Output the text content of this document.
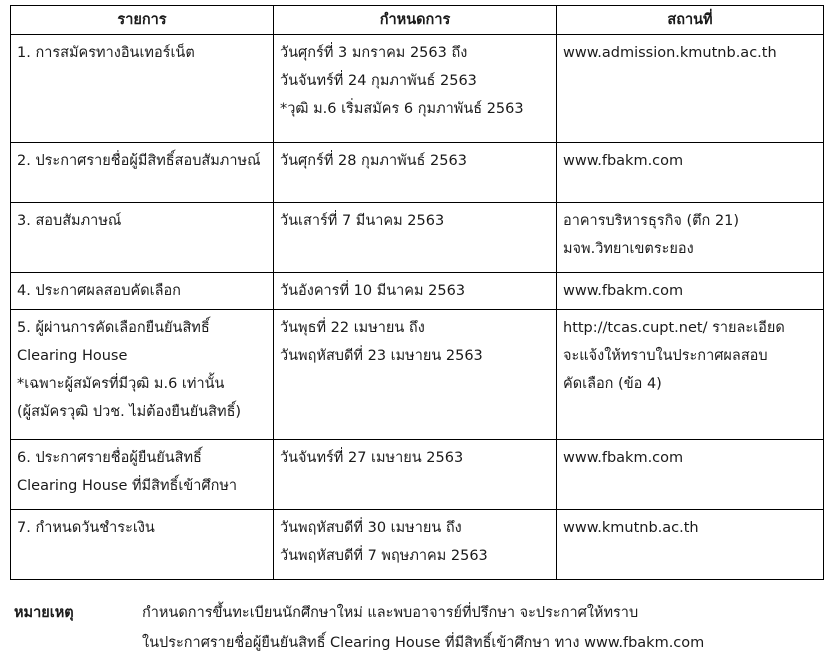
รายการ	กำหนดการ	สถานที่

1. การสมัครทางอินเทอร์เน็ต	วันศุกร์ที่ 3 มกราคม 2563 ถึง
วันจันทร์ที่ 24 กุมภาพันธ์ 2563
*วุฒิ ม.6 เริ่มสมัคร 6 กุมภาพันธ์ 2563	www.admission.kmutnb.ac.th

2. ประกาศรายชื่อผู้มีสิทธิ์สอบสัมภาษณ์	วันศุกร์ที่ 28 กุมภาพันธ์ 2563	www.fbakm.com

3. สอบสัมภาษณ์	วันเสาร์ที่ 7 มีนาคม 2563	อาคารบริหารธุรกิจ (ตึก 21)
มจพ.วิทยาเขตระยอง

4. ประกาศผลสอบคัดเลือก	วันอังคารที่ 10 มีนาคม 2563	www.fbakm.com

5. ผู้ผ่านการคัดเลือกยืนยันสิทธิ์
Clearing House
*เฉพาะผู้สมัครที่มีวุฒิ ม.6 เท่านั้น
(ผู้สมัครวุฒิ ปวช. ไม่ต้องยืนยันสิทธิ์)	วันพุธที่ 22 เมษายน ถึง
วันพฤหัสบดีที่ 23 เมษายน 2563	http://tcas.cupt.net/ รายละเอียด
จะแจ้งให้ทราบในประกาศผลสอบ
คัดเลือก (ข้อ 4)

6. ประกาศรายชื่อผู้ยืนยันสิทธิ์
Clearing House ที่มีสิทธิ์เข้าศึกษา	วันจันทร์ที่ 27 เมษายน 2563	www.fbakm.com

7. กำหนดวันชำระเงิน	วันพฤหัสบดีที่ 30 เมษายน ถึง
วันพฤหัสบดีที่ 7 พฤษภาคม 2563	www.kmutnb.ac.th
หมายเหตุ	กำหนดการขึ้นทะเบียนนักศึกษาใหม่ และพบอาจารย์ที่ปรึกษา จะประกาศให้ทราบ
ในประกาศรายชื่อผู้ยืนยันสิทธิ์ Clearing House ที่มีสิทธิ์เข้าศึกษา ทาง www.fbakm.com
